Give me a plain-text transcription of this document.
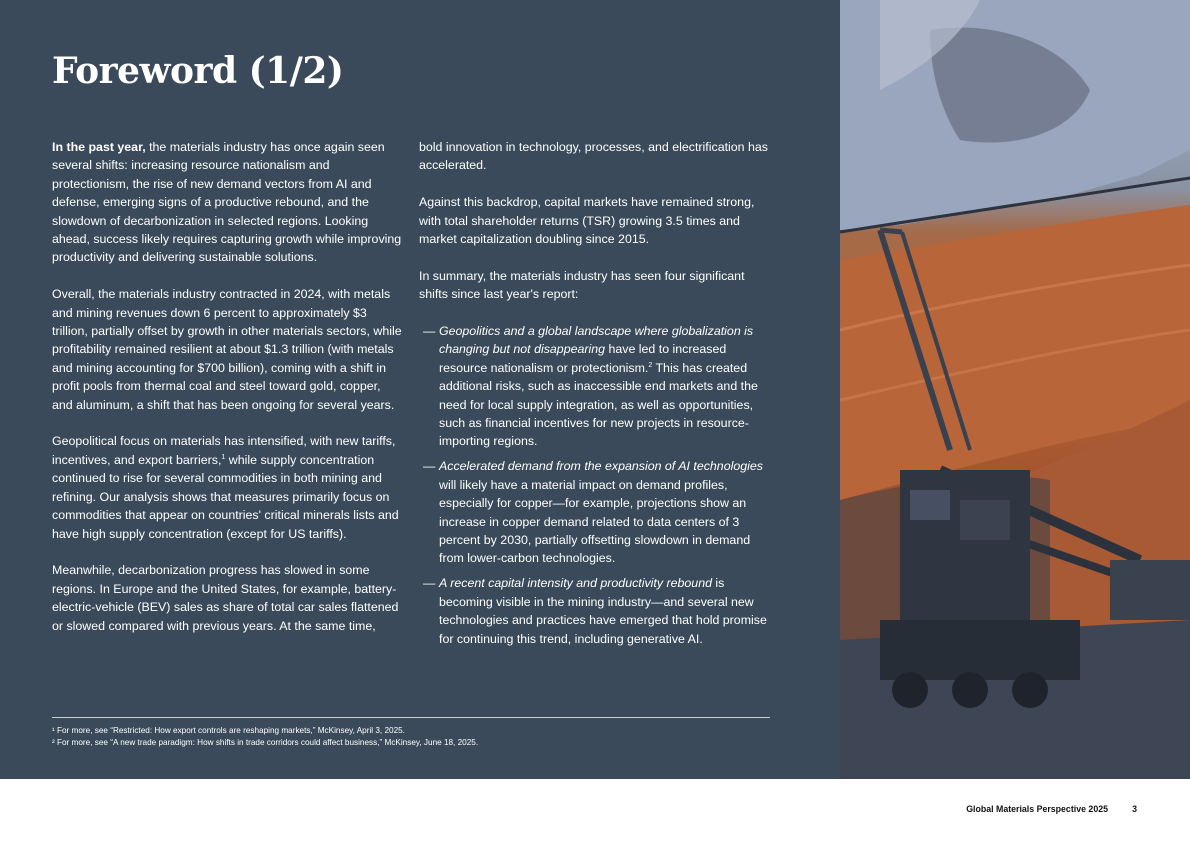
Foreword (1/2)

In the past year, the materials industry has once again seen several shifts: increasing resource nationalism and protectionism, the rise of new demand vectors from AI and defense, emerging signs of a productive rebound, and the slowdown of decarbonization in selected regions. Looking ahead, success likely requires capturing growth while improving productivity and delivering sustainable solutions.

Overall, the materials industry contracted in 2024, with metals and mining revenues down 6 percent to approximately $3 trillion, partially offset by growth in other materials sectors, while profitability remained resilient at about $1.3 trillion (with metals and mining accounting for $700 billion), coming with a shift in profit pools from thermal coal and steel toward gold, copper, and aluminum, a shift that has been ongoing for several years.

Geopolitical focus on materials has intensified, with new tariffs, incentives, and export barriers,$^1$ while supply concentration continued to rise for several commodities in both mining and refining. Our analysis shows that measures primarily focus on commodities that appear on countries' critical minerals lists and have high supply concentration (except for US tariffs).

Meanwhile, decarbonization progress has slowed in some regions. In Europe and the United States, for example, battery-electric-vehicle (BEV) sales as share of total car sales flattened or slowed compared with previous years. At the same time,

bold innovation in technology, processes, and electrification has accelerated.

Against this backdrop, capital markets have remained strong, with total shareholder returns (TSR) growing 3.5 times and market capitalization doubling since 2015.

In summary, the materials industry has seen four significant shifts since last year's report:

— Geopolitics and a global landscape where globalization is changing but not disappearing have led to increased resource nationalism or protectionism.$^2$ This has created additional risks, such as inaccessible end markets and the need for local supply integration, as well as opportunities, such as financial incentives for new projects in resource-importing regions.
— Accelerated demand from the expansion of AI technologies will likely have a material impact on demand profiles, especially for copper—for example, projections show an increase in copper demand related to data centers of 3 percent by 2030, partially offsetting slowdown in demand from lower-carbon technologies.
— A recent capital intensity and productivity rebound is becoming visible in the mining industry—and several new technologies and practices have emerged that hold promise for continuing this trend, including generative AI.
¹ For more, see “Restricted: How export controls are reshaping markets,” McKinsey, April 3, 2025.
² For more, see “A new trade paradigm: How shifts in trade corridors could affect business,” McKinsey, June 18, 2025.
Global Materials Perspective 2025	3
